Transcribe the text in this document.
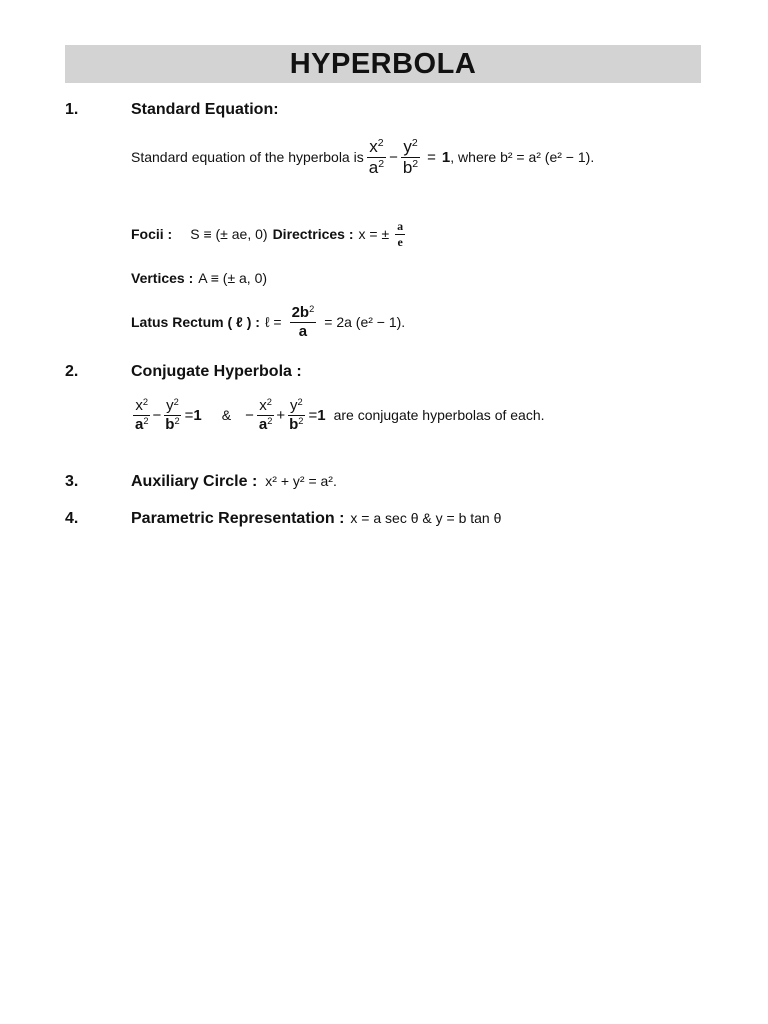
HYPERBOLA
1.	Standard Equation:
Standard equation of the hyperbola is $\frac{x^2}{a^2} - \frac{y^2}{b^2} = 1$ , where b² = a² (e² − 1).
Focii : S ≡ (± ae, 0) Directrices : x = ± $\frac{a}{e}$
Vertices : A ≡ (± a, 0)
Latus Rectum ( ℓ ) : ℓ = $\frac{2b^2}{a} = 2a$ (e² − 1).
2.	Conjugate Hyperbola :
$\frac{x^2}{a^2} - \frac{y^2}{b^2} = 1$ & − $\frac{x^2}{a^2} + \frac{y^2}{b^2} = 1$ are conjugate hyperbolas of each.
3.	Auxiliary Circle : x² + y² = a².
4.	Parametric Representation : x = a sec θ & y = b tan θ
